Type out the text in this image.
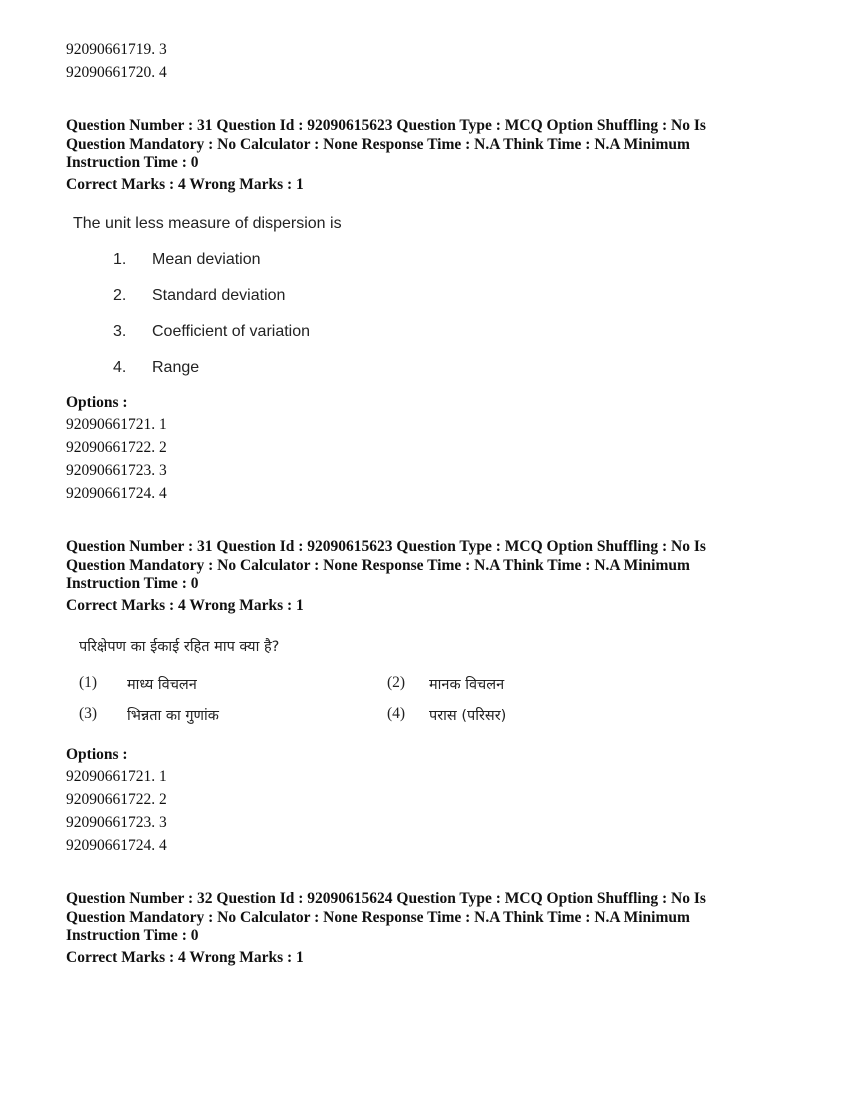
92090661719. 3
92090661720. 4
Question Number : 31 Question Id : 92090615623 Question Type : MCQ Option Shuffling : No Is
Question Mandatory : No Calculator : None Response Time : N.A Think Time : N.A Minimum
Instruction Time : 0
Correct Marks : 4 Wrong Marks : 1
The unit less measure of dispersion is
1. Mean deviation
2. Standard deviation
3. Coefficient of variation
4. Range
Options :
92090661721. 1
92090661722. 2
92090661723. 3
92090661724. 4
Question Number : 31 Question Id : 92090615623 Question Type : MCQ Option Shuffling : No Is
Question Mandatory : No Calculator : None Response Time : N.A Think Time : N.A Minimum
Instruction Time : 0
Correct Marks : 4 Wrong Marks : 1
परिक्षेपण का ईकाई रहित माप क्या है?
(1) माध्य विचलन	(2) मानक विचलन
(3) भिन्नता का गुणांक	(4) परास (परिसर)
Options :
92090661721. 1
92090661722. 2
92090661723. 3
92090661724. 4
Question Number : 32 Question Id : 92090615624 Question Type : MCQ Option Shuffling : No Is
Question Mandatory : No Calculator : None Response Time : N.A Think Time : N.A Minimum
Instruction Time : 0
Correct Marks : 4 Wrong Marks : 1
